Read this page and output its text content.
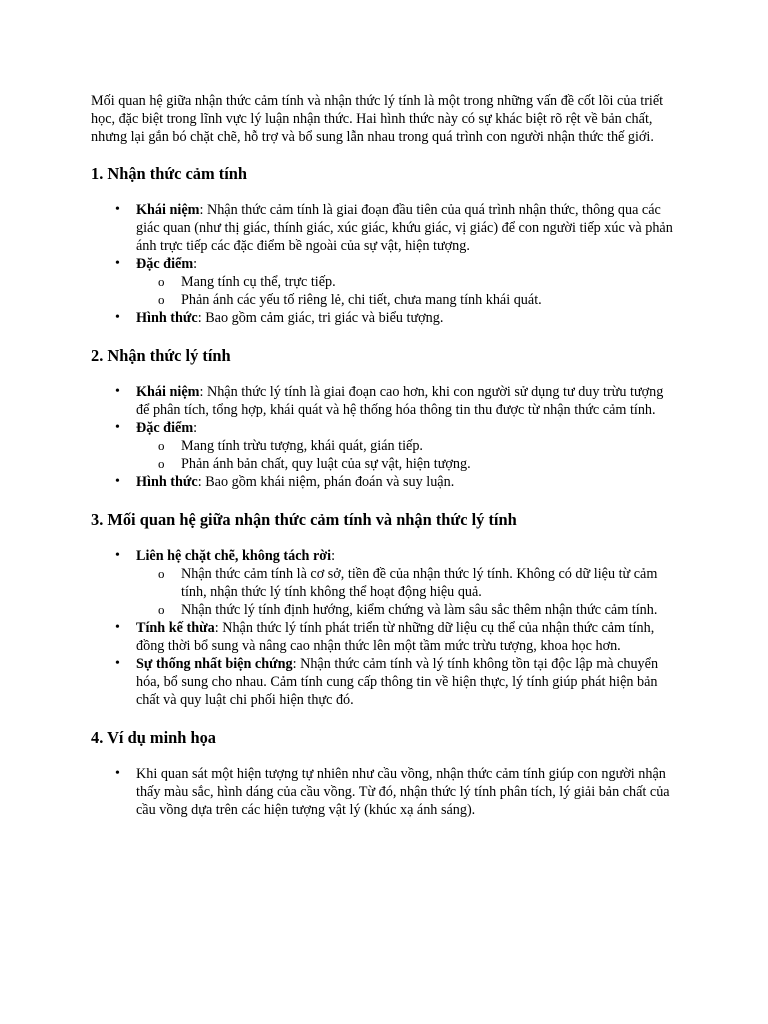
Mối quan hệ giữa nhận thức cảm tính và nhận thức lý tính là một trong những vấn đề cốt lõi của triết học, đặc biệt trong lĩnh vực lý luận nhận thức. Hai hình thức này có sự khác biệt rõ rệt về bản chất, nhưng lại gắn bó chặt chẽ, hỗ trợ và bổ sung lẫn nhau trong quá trình con người nhận thức thế giới.

1. Nhận thức cảm tính
• Khái niệm: Nhận thức cảm tính là giai đoạn đầu tiên của quá trình nhận thức, thông qua các giác quan (như thị giác, thính giác, xúc giác, khứu giác, vị giác) để con người tiếp xúc và phản ánh trực tiếp các đặc điểm bề ngoài của sự vật, hiện tượng.
• Đặc điểm:
o Mang tính cụ thể, trực tiếp.
o Phản ánh các yếu tố riêng lẻ, chi tiết, chưa mang tính khái quát.
• Hình thức: Bao gồm cảm giác, tri giác và biểu tượng.
2. Nhận thức lý tính
• Khái niệm: Nhận thức lý tính là giai đoạn cao hơn, khi con người sử dụng tư duy trừu tượng để phân tích, tổng hợp, khái quát và hệ thống hóa thông tin thu được từ nhận thức cảm tính.
• Đặc điểm:
o Mang tính trừu tượng, khái quát, gián tiếp.
o Phản ánh bản chất, quy luật của sự vật, hiện tượng.
• Hình thức: Bao gồm khái niệm, phán đoán và suy luận.
3. Mối quan hệ giữa nhận thức cảm tính và nhận thức lý tính
• Liên hệ chặt chẽ, không tách rời:
o Nhận thức cảm tính là cơ sở, tiền đề của nhận thức lý tính. Không có dữ liệu từ cảm tính, nhận thức lý tính không thể hoạt động hiệu quả.
o Nhận thức lý tính định hướng, kiểm chứng và làm sâu sắc thêm nhận thức cảm tính.
• Tính kế thừa: Nhận thức lý tính phát triển từ những dữ liệu cụ thể của nhận thức cảm tính, đồng thời bổ sung và nâng cao nhận thức lên một tầm mức trừu tượng, khoa học hơn.
• Sự thống nhất biện chứng: Nhận thức cảm tính và lý tính không tồn tại độc lập mà chuyển hóa, bổ sung cho nhau. Cảm tính cung cấp thông tin về hiện thực, lý tính giúp phát hiện bản chất và quy luật chi phối hiện thực đó.
4. Ví dụ minh họa
• Khi quan sát một hiện tượng tự nhiên như cầu vồng, nhận thức cảm tính giúp con người nhận thấy màu sắc, hình dáng của cầu vồng. Từ đó, nhận thức lý tính phân tích, lý giải bản chất của cầu vồng dựa trên các hiện tượng vật lý (khúc xạ ánh sáng).
